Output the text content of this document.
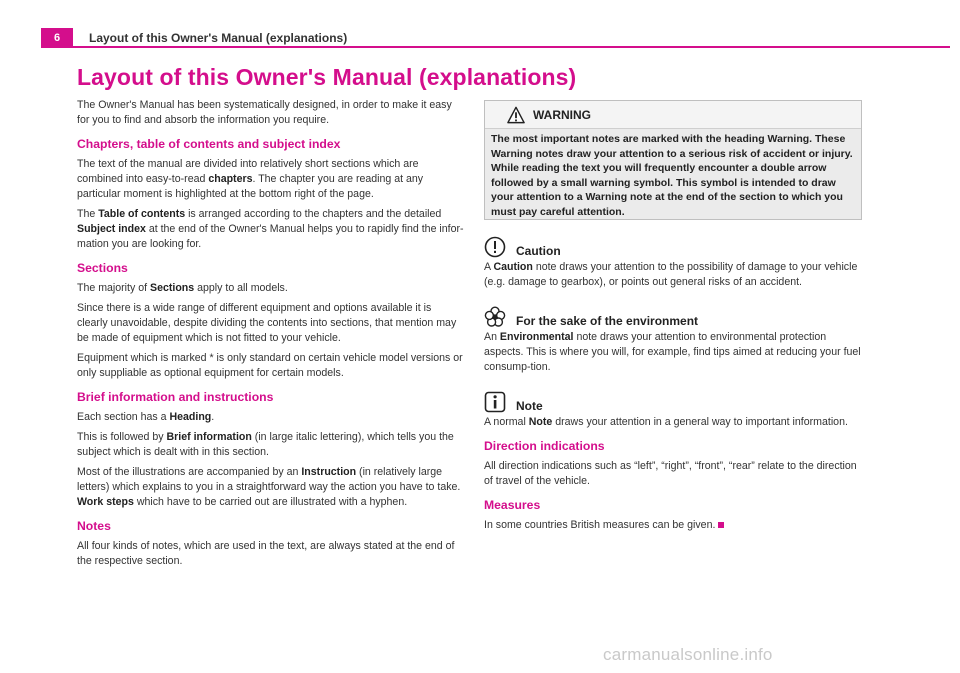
6	Layout of this Owner's Manual (explanations)
Layout of this Owner's Manual (explanations)

The Owner's Manual has been systematically designed, in order to make it easy for you to find and absorb the information you require.

Chapters, table of contents and subject index

The text of the manual are divided into relatively short sections which are combined into easy-to-read chapters. The chapter you are reading at any particular moment is highlighted at the bottom right of the page.

The Table of contents is arranged according to the chapters and the detailed Subject index at the end of the Owner's Manual helps you to rapidly find the infor-mation you are looking for.

Sections

The majority of Sections apply to all models.

Since there is a wide range of different equipment and options available it is clearly unavoidable, despite dividing the contents into sections, that mention may be made of equipment which is not fitted to your vehicle.

Equipment which is marked * is only standard on certain vehicle model versions or only suppliable as optional equipment for certain models.

Brief information and instructions

Each section has a Heading.

This is followed by Brief information (in large italic lettering), which tells you the subject which is dealt with in this section.

Most of the illustrations are accompanied by an Instruction (in relatively large letters) which explains to you in a straightforward way the action you have to take. Work steps which have to be carried out are illustrated with a hyphen.

Notes

All four kinds of notes, which are used in the text, are always stated at the end of the respective section.

WARNING
The most important notes are marked with the heading Warning. These Warning notes draw your attention to a serious risk of accident or injury. While reading the text you will frequently encounter a double arrow followed by a small warning symbol. This symbol is intended to draw your attention to a Warning note at the end of the section to which you must pay careful attention.
Caution

A Caution note draws your attention to the possibility of damage to your vehicle (e.g. damage to gearbox), or points out general risks of an accident.

For the sake of the environment

An Environmental note draws your attention to environmental protection aspects. This is where you will, for example, find tips aimed at reducing your fuel consump-tion.

Note

A normal Note draws your attention in a general way to important information.

Direction indications

All direction indications such as “left”, “right”, “front”, “rear” relate to the direction of travel of the vehicle.

Measures

In some countries British measures can be given.

carmanualsonline.info
